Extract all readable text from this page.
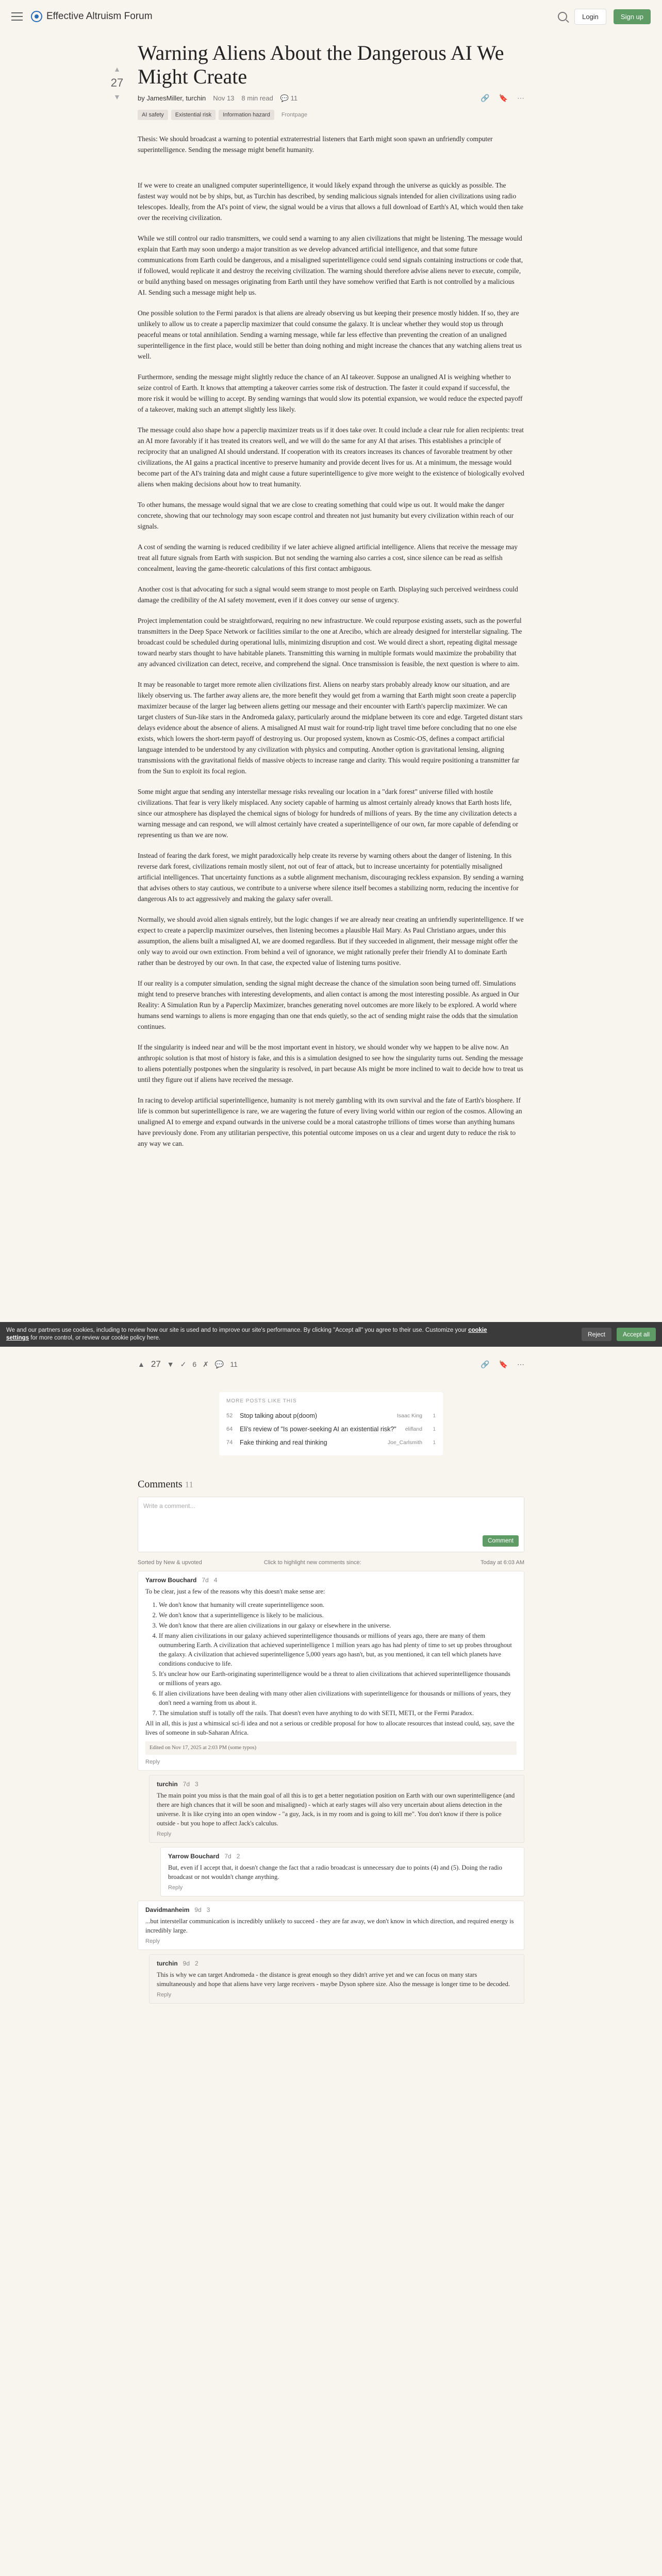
Effective Altruism Forum	Login	Sign up
▲
27
▼
Warning Aliens About the Dangerous AI We Might Create
by JamesMiller, turchin Nov 13 8 min read 💬 11	🔗 🔖 ⋯
AI safety	Existential risk	Information hazard	Frontpage

Thesis: We should broadcast a warning to potential extraterrestrial listeners that Earth might soon spawn an unfriendly computer superintelligence. Sending the message might benefit humanity.

If we were to create an unaligned computer superintelligence, it would likely expand through the universe as quickly as possible. The fastest way would not be by ships, but, as Turchin has described, by sending malicious signals intended for alien civilizations using radio telescopes. Ideally, from the AI's point of view, the signal would be a virus that allows a full download of Earth's AI, which would then take over the receiving civilization.

While we still control our radio transmitters, we could send a warning to any alien civilizations that might be listening. The message would explain that Earth may soon undergo a major transition as we develop advanced artificial intelligence, and that some future communications from Earth could be dangerous, and a misaligned superintelligence could send signals containing instructions or code that, if followed, would replicate it and destroy the receiving civilization. The warning should therefore advise aliens never to execute, compile, or build anything based on messages originating from Earth until they have somehow verified that Earth is not controlled by a malicious AI. Sending such a message might help us.

One possible solution to the Fermi paradox is that aliens are already observing us but keeping their presence mostly hidden. If so, they are unlikely to allow us to create a paperclip maximizer that could consume the galaxy. It is unclear whether they would stop us through peaceful means or total annihilation. Sending a warning message, while far less effective than preventing the creation of an unaligned superintelligence in the first place, would still be better than doing nothing and might increase the chances that any watching aliens treat us well.

Furthermore, sending the message might slightly reduce the chance of an AI takeover. Suppose an unaligned AI is weighing whether to seize control of Earth. It knows that attempting a takeover carries some risk of destruction. The faster it could expand if successful, the more risk it would be willing to accept. By sending warnings that would slow its potential expansion, we would reduce the expected payoff of a takeover, making such an attempt slightly less likely.

The message could also shape how a paperclip maximizer treats us if it does take over. It could include a clear rule for alien recipients: treat an AI more favorably if it has treated its creators well, and we will do the same for any AI that arises. This establishes a principle of reciprocity that an unaligned AI should understand. If cooperation with its creators increases its chances of favorable treatment by other civilizations, the AI gains a practical incentive to preserve humanity and provide decent lives for us. At a minimum, the message would become part of the AI's training data and might cause a future superintelligence to give more weight to the existence of biologically evolved aliens when making decisions about how to treat humanity.

To other humans, the message would signal that we are close to creating something that could wipe us out. It would make the danger concrete, showing that our technology may soon escape control and threaten not just humanity but every civilization within reach of our signals.

A cost of sending the warning is reduced credibility if we later achieve aligned artificial intelligence. Aliens that receive the message may treat all future signals from Earth with suspicion. But not sending the warning also carries a cost, since silence can be read as selfish concealment, leaving the game-theoretic calculations of this first contact ambiguous.

Another cost is that advocating for such a signal would seem strange to most people on Earth. Displaying such perceived weirdness could damage the credibility of the AI safety movement, even if it does convey our sense of urgency.

Project implementation could be straightforward, requiring no new infrastructure. We could repurpose existing assets, such as the powerful transmitters in the Deep Space Network or facilities similar to the one at Arecibo, which are already designed for interstellar signaling. The broadcast could be scheduled during operational lulls, minimizing disruption and cost. We would direct a short, repeating digital message toward nearby stars thought to have habitable planets. Transmitting this warning in multiple formats would maximize the probability that any advanced civilization can detect, receive, and comprehend the signal. Once transmission is feasible, the next question is where to aim.

It may be reasonable to target more remote alien civilizations first. Aliens on nearby stars probably already know our situation, and are likely observing us. The farther away aliens are, the more benefit they would get from a warning that Earth might soon create a paperclip maximizer because of the larger lag between aliens getting our message and their encounter with Earth's paperclip maximizer. We can target clusters of Sun-like stars in the Andromeda galaxy, particularly around the midplane between its core and edge. Targeted distant stars delays evidence about the absence of aliens. A misaligned AI must wait for round-trip light travel time before concluding that no one else exists, which lowers the short-term payoff of destroying us. Our proposed system, known as Cosmic-OS, defines a compact artificial language intended to be understood by any civilization with physics and computing. Another option is gravitational lensing, aligning transmissions with the gravitational fields of massive objects to increase range and clarity. This would require positioning a transmitter far from the Sun to exploit its focal region.

Some might argue that sending any interstellar message risks revealing our location in a "dark forest" universe filled with hostile civilizations. That fear is very likely misplaced. Any society capable of harming us almost certainly already knows that Earth hosts life, since our atmosphere has displayed the chemical signs of biology for hundreds of millions of years. By the time any civilization detects a warning message and can respond, we will almost certainly have created a superintelligence of our own, far more capable of defending or representing us than we are now.

Instead of fearing the dark forest, we might paradoxically help create its reverse by warning others about the danger of listening. In this reverse dark forest, civilizations remain mostly silent, not out of fear of attack, but to increase uncertainty for potentially misaligned artificial intelligences. That uncertainty functions as a subtle alignment mechanism, discouraging reckless expansion. By sending a warning that advises others to stay cautious, we contribute to a universe where silence itself becomes a stabilizing norm, reducing the incentive for dangerous AIs to act aggressively and making the galaxy safer overall.

Normally, we should avoid alien signals entirely, but the logic changes if we are already near creating an unfriendly superintelligence. If we expect to create a paperclip maximizer ourselves, then listening becomes a plausible Hail Mary. As Paul Christiano argues, under this assumption, the aliens built a misaligned AI, we are doomed regardless. But if they succeeded in alignment, their message might offer the only way to avoid our own extinction. From behind a veil of ignorance, we might rationally prefer their friendly AI to dominate Earth rather than be destroyed by our own. In that case, the expected value of listening turns positive.

If our reality is a computer simulation, sending the signal might decrease the chance of the simulation soon being turned off. Simulations might tend to preserve branches with interesting developments, and alien contact is among the most interesting possible. As argued in Our Reality: A Simulation Run by a Paperclip Maximizer, branches generating novel outcomes are more likely to be explored. A world where humans send warnings to aliens is more engaging than one that ends quietly, so the act of sending might raise the odds that the simulation continues.

If the singularity is indeed near and will be the most important event in history, we should wonder why we happen to be alive now. An anthropic solution is that most of history is fake, and this is a simulation designed to see how the singularity turns out. Sending the message to aliens potentially postpones when the singularity is resolved, in part because AIs might be more inclined to wait to decide how to treat us until they figure out if aliens have received the message.

In racing to develop artificial superintelligence, humanity is not merely gambling with its own survival and the fate of Earth's biosphere. If life is common but superintelligence is rare, we are wagering the future of every living world within our region of the cosmos. Allowing an unaligned AI to emerge and expand outwards in the universe could be a moral catastrophe trillions of times worse than anything humans have previously done. From any utilitarian perspective, this potential outcome imposes on us a clear and urgent duty to reduce the risk to any way we can.

We and our partners use cookies, including to review how our site is used and to improve our site's performance. By clicking "Accept all" you agree to their use. Customize your cookie settings for more control, or review our cookie policy here.	Reject	Accept all
▲ 27 ▼ ✓ 6 ✗ 💬 11	🔗 🔖 ⋯
MORE POSTS LIKE THIS
52	Stop talking about p(doom)	Isaac King	1
64	Eli's review of "Is power-seeking AI an existential risk?"	elifland	1
74	Fake thinking and real thinking	Joe_Carlsmith	1
Comments 11
Write a comment...
Comment
Sorted by New & upvoted	Click to highlight new comments since:	Today at 6:03 AM
Yarrow Bouchard 7d 4

To be clear, just a few of the reasons why this doesn't make sense are:

1. We don't know that humanity will create superintelligence soon.
2. We don't know that a superintelligence is likely to be malicious.
3. We don't know that there are alien civilizations in our galaxy or elsewhere in the universe.
4. If many alien civilizations in our galaxy achieved superintelligence thousands or millions of years ago, there are many of them outnumbering Earth. A civilization that achieved superintelligence 1 million years ago has had plenty of time to set up probes throughout the galaxy. A civilization that achieved superintelligence 5,000 years ago hasn't, but, as you mentioned, it can tell which planets have conditions conducive to life.
5. It's unclear how our Earth-originating superintelligence would be a threat to alien civilizations that achieved superintelligence thousands or millions of years ago.
6. If alien civilizations have been dealing with many other alien civilizations with superintelligence for thousands or millions of years, they don't need a warning from us about it.
7. The simulation stuff is totally off the rails. That doesn't even have anything to do with SETI, METI, or the Fermi Paradox.

All in all, this is just a whimsical sci-fi idea and not a serious or credible proposal for how to allocate resources that instead could, say, save the lives of someone in sub-Saharan Africa.

Edited on Nov 17, 2025 at 2:03 PM (some typos)
Reply
turchin 7d 3
The main point you miss is that the main goal of all this is to get a better negotiation position on Earth with our own superintelligence (and there are high chances that it will be soon and misaligned) - which at early stages will also very uncertain about aliens detection in the universe. It is like crying into an open window - "a guy, Jack, is in my room and is going to kill me". You don't know if there is police outside - but you hope to affect Jack's calculus.
Reply
Yarrow Bouchard 7d 2
But, even if I accept that, it doesn't change the fact that a radio broadcast is unnecessary due to points (4) and (5). Doing the radio broadcast or not wouldn't change anything.
Reply
Davidmanheim 9d 3
...but interstellar communication is incredibly unlikely to succeed - they are far away, we don't know in which direction, and required energy is incredibly large.
Reply
turchin 9d 2
This is why we can target Andromeda - the distance is great enough so they didn't arrive yet and we can focus on many stars simultaneously and hope that aliens have very large receivers - maybe Dyson sphere size. Also the message is longer time to be decoded.
Reply
